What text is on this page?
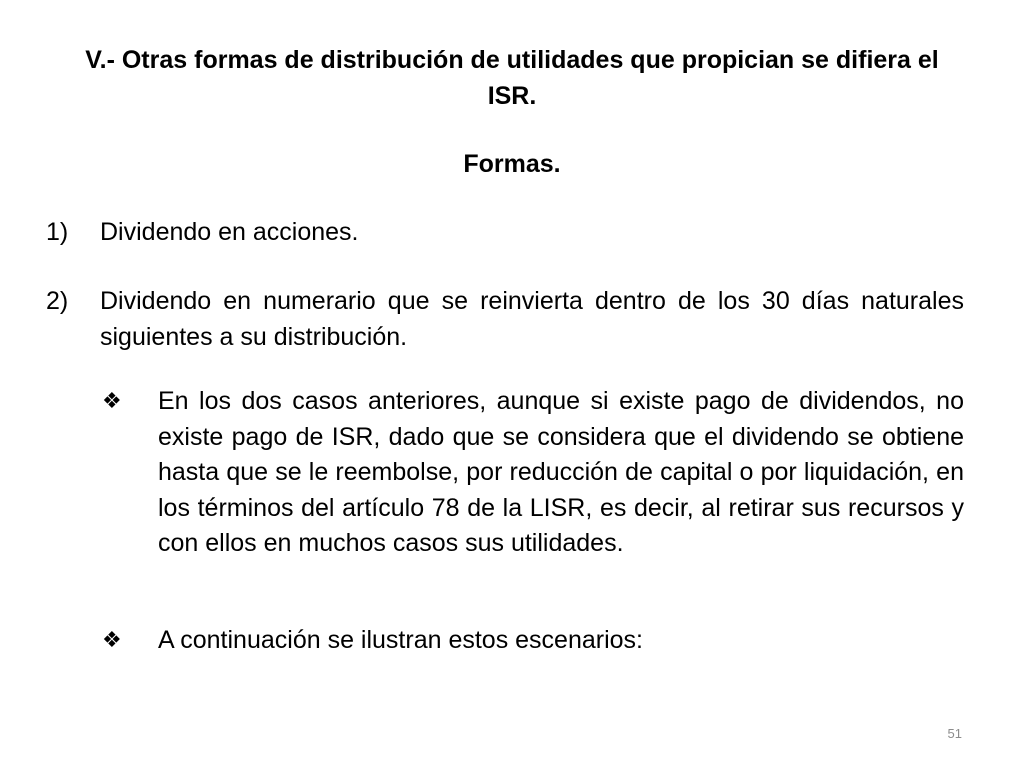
V.- Otras formas de distribución de utilidades que propician se difiera el ISR.
Formas.
1) Dividendo en acciones.
2) Dividendo en numerario que se reinvierta dentro de los 30 días naturales siguientes a su distribución.
❖ En los dos casos anteriores, aunque si existe pago de dividendos, no existe pago de ISR, dado que se considera que el dividendo se obtiene hasta que se le reembolse, por reducción de capital o por liquidación, en los términos del artículo 78 de la LISR, es decir, al retirar sus recursos y con ellos en muchos casos sus utilidades.
❖ A continuación se ilustran estos escenarios:
51
